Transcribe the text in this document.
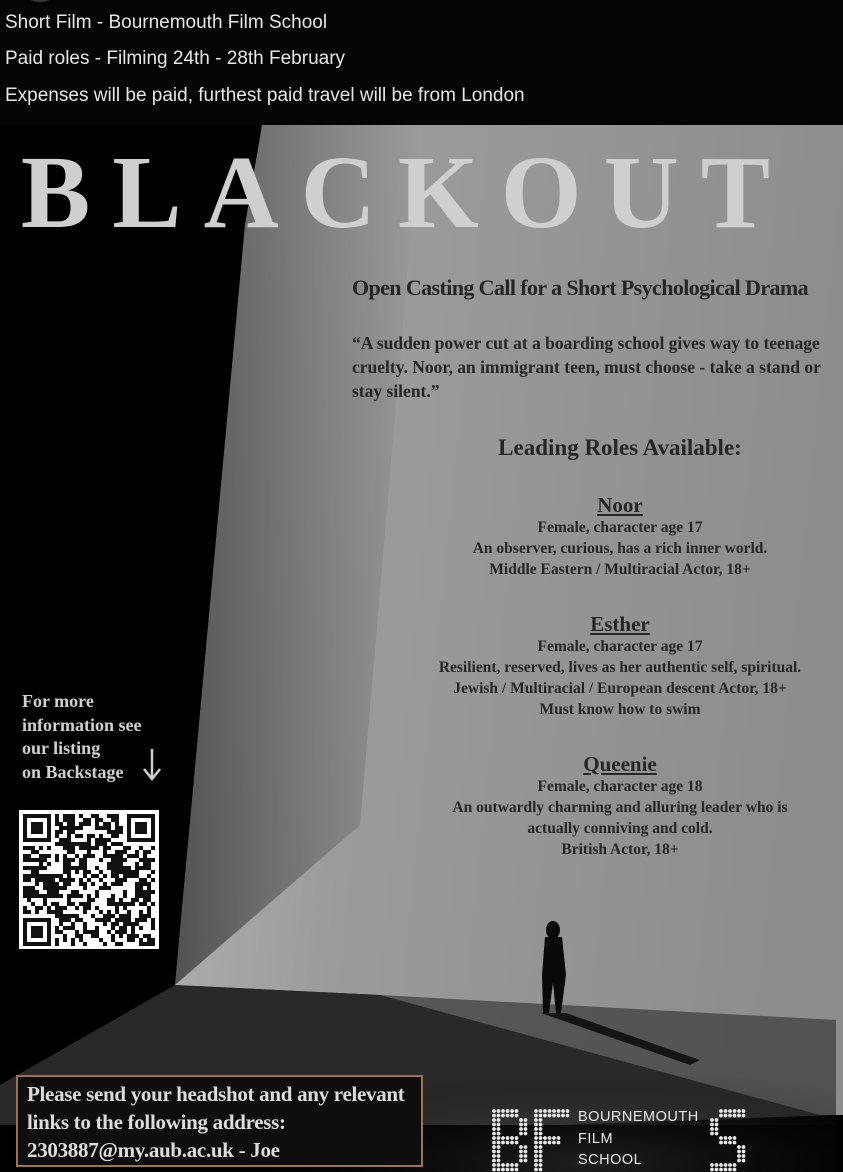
Short Film - Bournemouth Film School
Paid roles - Filming 24th - 28th February
Expenses will be paid, furthest paid travel will be from London
BLACKOUT
Open Casting Call for a Short Psychological Drama
“A sudden power cut at a boarding school gives way to teenage cruelty. Noor, an immigrant teen, must choose - take a stand or stay silent.”
Leading Roles Available:
Noor
Female, character age 17
An observer, curious, has a rich inner world.
Middle Eastern / Multiracial Actor, 18+
Esther
Female, character age 17
Resilient, reserved, lives as her authentic self, spiritual.
Jewish / Multiracial / European descent Actor, 18+
Must know how to swim
Queenie
Female, character age 18
An outwardly charming and alluring leader who is
actually conniving and cold.
British Actor, 18+
For more
information see
our listing
on Backstage
Please send your headshot and any relevant
links to the following address:
2303887@my.aub.ac.uk - Joe
BOURNEMOUTH
FILM
SCHOOL
